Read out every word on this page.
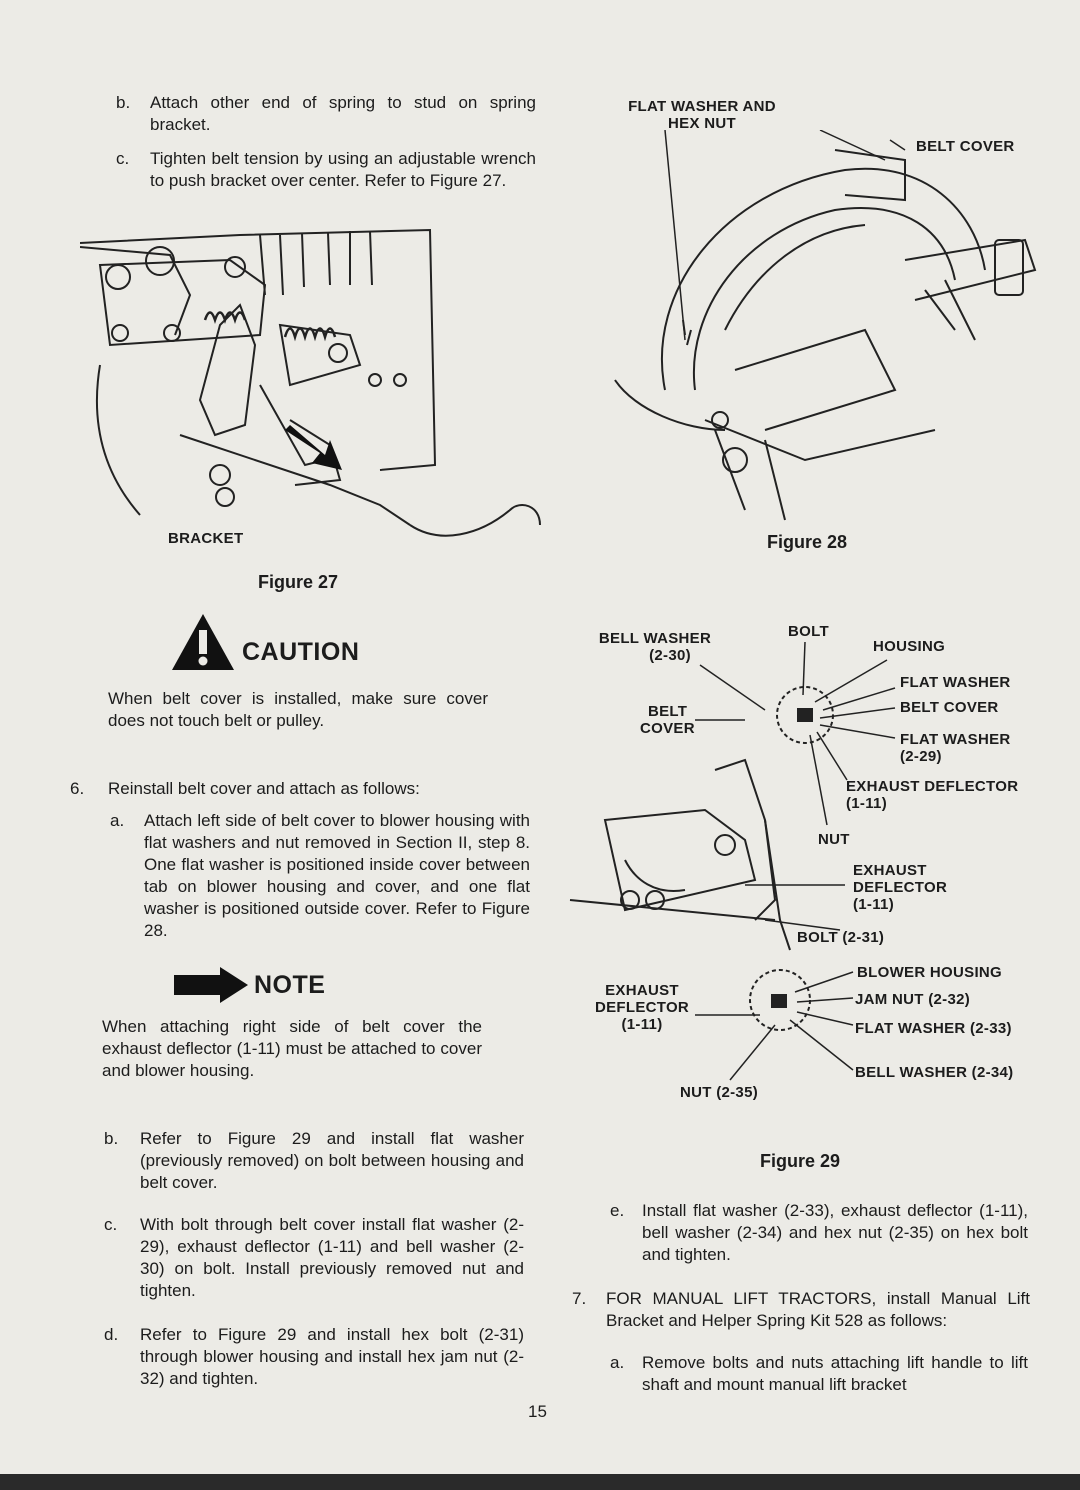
b. Attach other end of spring to stud on spring bracket.
c. Tighten belt tension by using an adjustable wrench to push bracket over center. Refer to Figure 27.
BRACKET
Figure 27
CAUTION
When belt cover is installed, make sure cover does not touch belt or pulley.
6. Reinstall belt cover and attach as follows:
a. Attach left side of belt cover to blower housing with flat washers and nut removed in Section II, step 8. One flat washer is positioned inside cover between tab on blower housing and cover, and one flat washer is positioned outside cover. Refer to Figure 28.
NOTE
When attaching right side of belt cover the exhaust deflector (1-11) must be attached to cover and blower housing.
b. Refer to Figure 29 and install flat washer (previously removed) on bolt between housing and belt cover.
c. With bolt through belt cover install flat washer (2-29), exhaust deflector (1-11) and bell washer (2-30) on bolt. Install previously removed nut and tighten.
d. Refer to Figure 29 and install hex bolt (2-31) through blower housing and install hex jam nut (2-32) and tighten.
FLAT WASHER AND
HEX NUT
BELT COVER
Figure 28
BELL WASHER
(2-30)
BOLT
HOUSING
FLAT WASHER
BELT COVER
FLAT WASHER
(2-29)
BELT
COVER
EXHAUST DEFLECTOR
(1-11)
NUT
EXHAUST
DEFLECTOR
(1-11)
BOLT (2-31)
BLOWER HOUSING
JAM NUT (2-32)
FLAT WASHER (2-33)
BELL WASHER (2-34)
EXHAUST
DEFLECTOR
(1-11)
NUT (2-35)
Figure 29
e. Install flat washer (2-33), exhaust deflector (1-11), bell washer (2-34) and hex nut (2-35) on hex bolt and tighten.
7. FOR MANUAL LIFT TRACTORS, install Manual Lift Bracket and Helper Spring Kit 528 as follows:
a. Remove bolts and nuts attaching lift handle to lift shaft and mount manual lift bracket
15
